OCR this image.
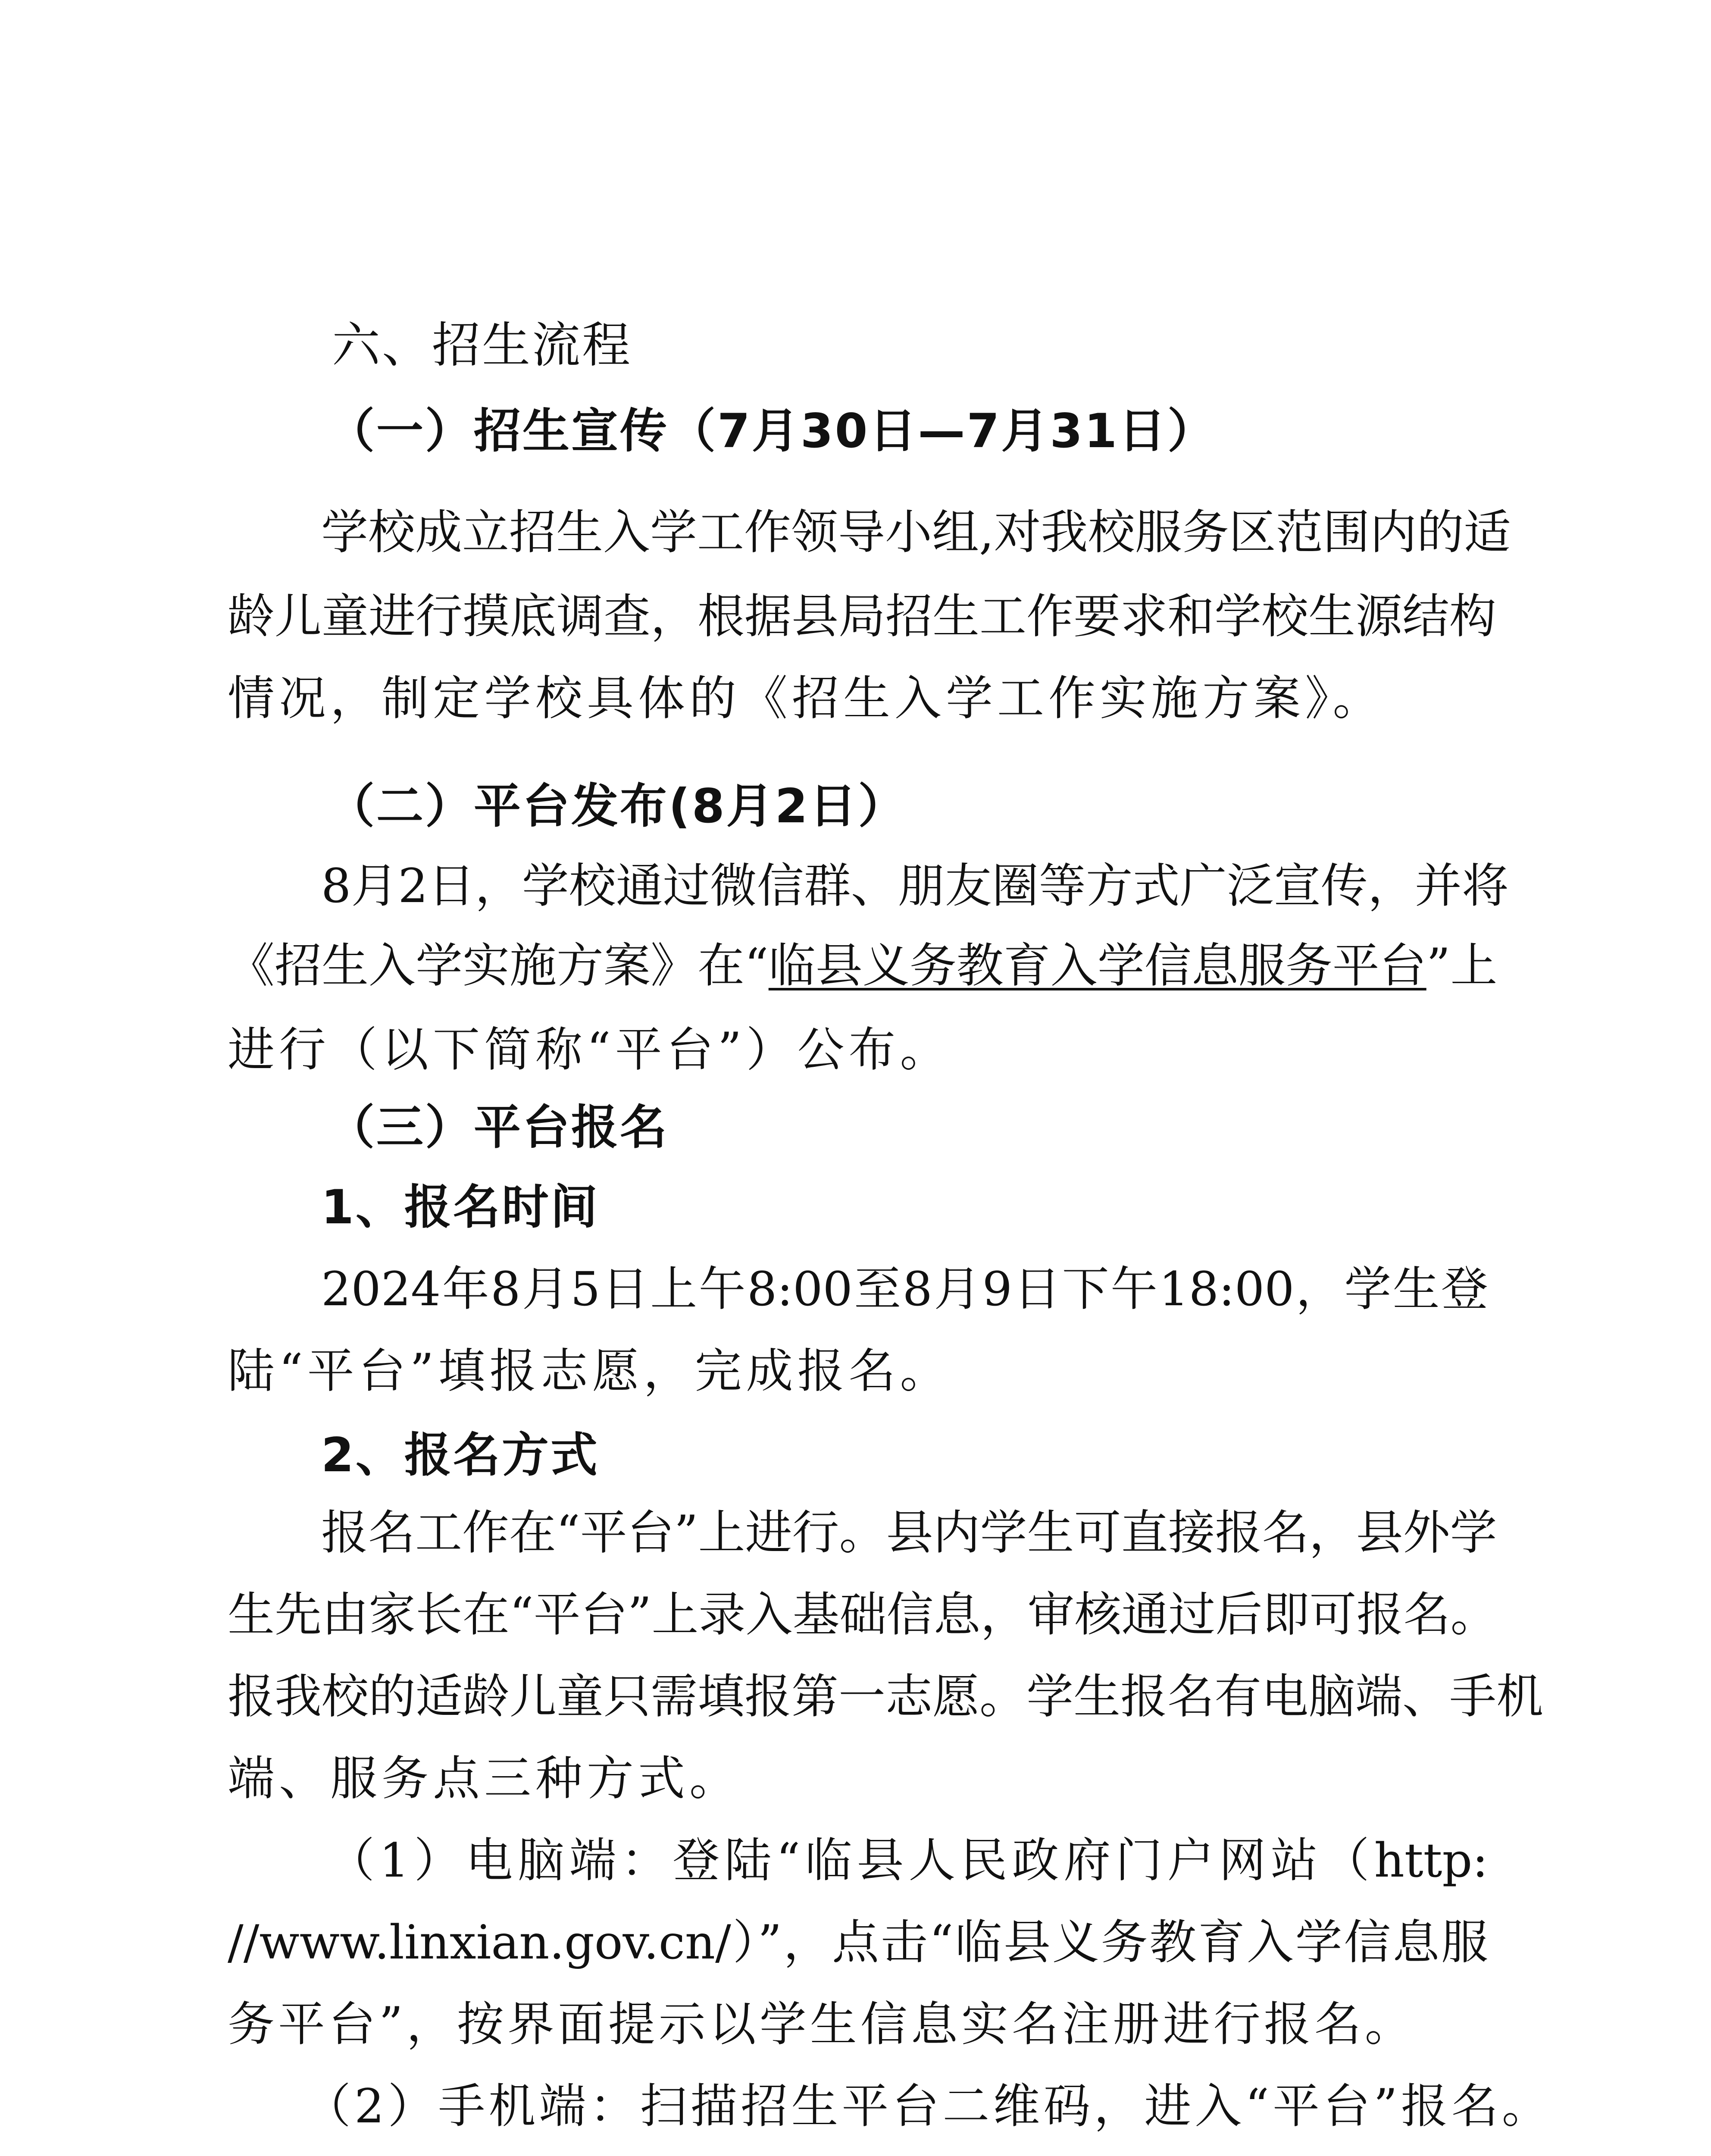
六、招生流程
（一）招生宣传（7月30日—7月31日）
学校成立招生入学工作领导小组,对我校服务区范围内的适
龄儿童进行摸底调查，根据县局招生工作要求和学校生源结构
情况，制定学校具体的《招生入学工作实施方案》。
（二）平台发布(8月2日）
8月2日，学校通过微信群、朋友圈等方式广泛宣传，并将
《招生入学实施方案》在“临县义务教育入学信息服务平台”上
进行（以下简称“平台”）公布。
（三）平台报名
1、报名时间
2024年8月5日上午8:00至8月9日下午18:00，学生登
陆“平台”填报志愿，完成报名。
2、报名方式
报名工作在“平台”上进行。县内学生可直接报名，县外学
生先由家长在“平台”上录入基础信息，审核通过后即可报名。
报我校的适龄儿童只需填报第一志愿。学生报名有电脑端、手机
端、服务点三种方式。
（1）电脑端：登陆“临县人民政府门户网站（http:
//www.linxian.gov.cn/）”，点击“临县义务教育入学信息服
务平台”，按界面提示以学生信息实名注册进行报名。
（2）手机端：扫描招生平台二维码，进入“平台”报名。
